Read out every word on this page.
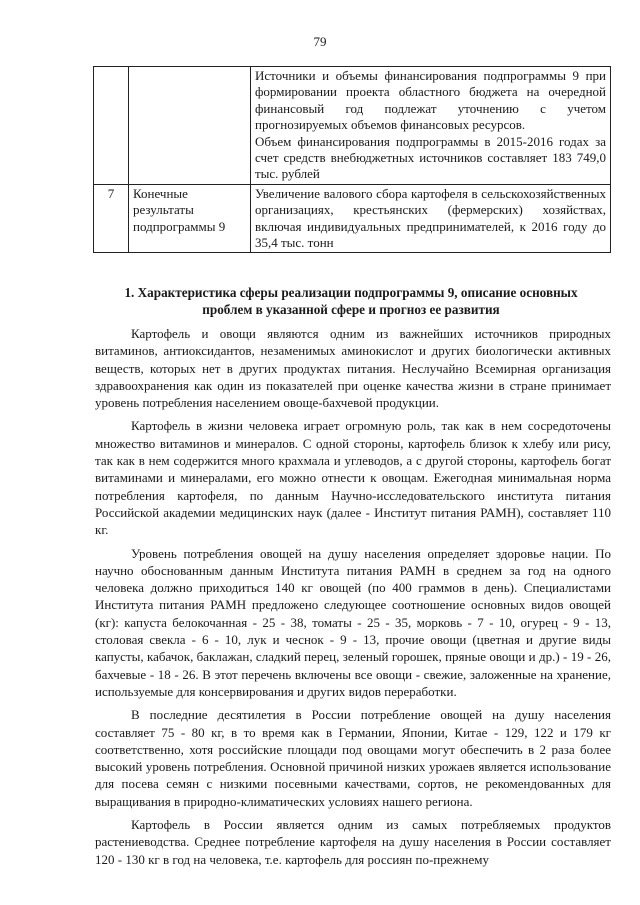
79

		Источники и объемы финансирования подпрограммы 9 при формировании проекта областного бюджета на очередной финансовый год подлежат уточнению с учетом прогнозируемых объемов финансовых ресурсов.
Объем финансирования подпрограммы в 2015-2016 годах за счет средств внебюджетных источников составляет 183 749,0 тыс. рублей

7	Конечные результаты подпрограммы 9	Увеличение валового сбора картофеля в сельскохозяйственных организациях, крестьянских (фермерских) хозяйствах, включая индивидуальных предпринимателей, к 2016 году до 35,4 тыс. тонн
1. Характеристика сферы реализации подпрограммы 9, описание основных
проблем в указанной сфере и прогноз ее развития

Картофель и овощи являются одним из важнейших источников природных витаминов, антиоксидантов, незаменимых аминокислот и других биологически активных веществ, которых нет в других продуктах питания. Неслучайно Всемирная организация здравоохранения как один из показателей при оценке качества жизни в стране принимает уровень потребления населением овоще-бахчевой продукции.

Картофель в жизни человека играет огромную роль, так как в нем сосредоточены множество витаминов и минералов. С одной стороны, картофель близок к хлебу или рису, так как в нем содержится много крахмала и углеводов, а с другой стороны, картофель богат витаминами и минералами, его можно отнести к овощам. Ежегодная минимальная норма потребления картофеля, по данным Научно-исследовательского института питания Российской академии медицинских наук (далее - Институт питания РАМН), составляет 110 кг.

Уровень потребления овощей на душу населения определяет здоровье нации. По научно обоснованным данным Института питания РАМН в среднем за год на одного человека должно приходиться 140 кг овощей (по 400 граммов в день). Специалистами Института питания РАМН предложено следующее соотношение основных видов овощей (кг): капуста белокочанная - 25 - 38, томаты - 25 - 35, морковь - 7 - 10, огурец - 9 - 13, столовая свекла - 6 - 10, лук и чеснок - 9 - 13, прочие овощи (цветная и другие виды капусты, кабачок, баклажан, сладкий перец, зеленый горошек, пряные овощи и др.) - 19 - 26, бахчевые - 18 - 26. В этот перечень включены все овощи - свежие, заложенные на хранение, используемые для консервирования и других видов переработки.

В последние десятилетия в России потребление овощей на душу населения составляет 75 - 80 кг, в то время как в Германии, Японии, Китае - 129, 122 и 179 кг соответственно, хотя российские площади под овощами могут обеспечить в 2 раза более высокий уровень потребления. Основной причиной низких урожаев является использование для посева семян с низкими посевными качествами, сортов, не рекомендованных для выращивания в природно-климатических условиях нашего региона.

Картофель в России является одним из самых потребляемых продуктов растениеводства. Среднее потребление картофеля на душу населения в России составляет 120 - 130 кг в год на человека, т.е. картофель для россиян по-прежнему
